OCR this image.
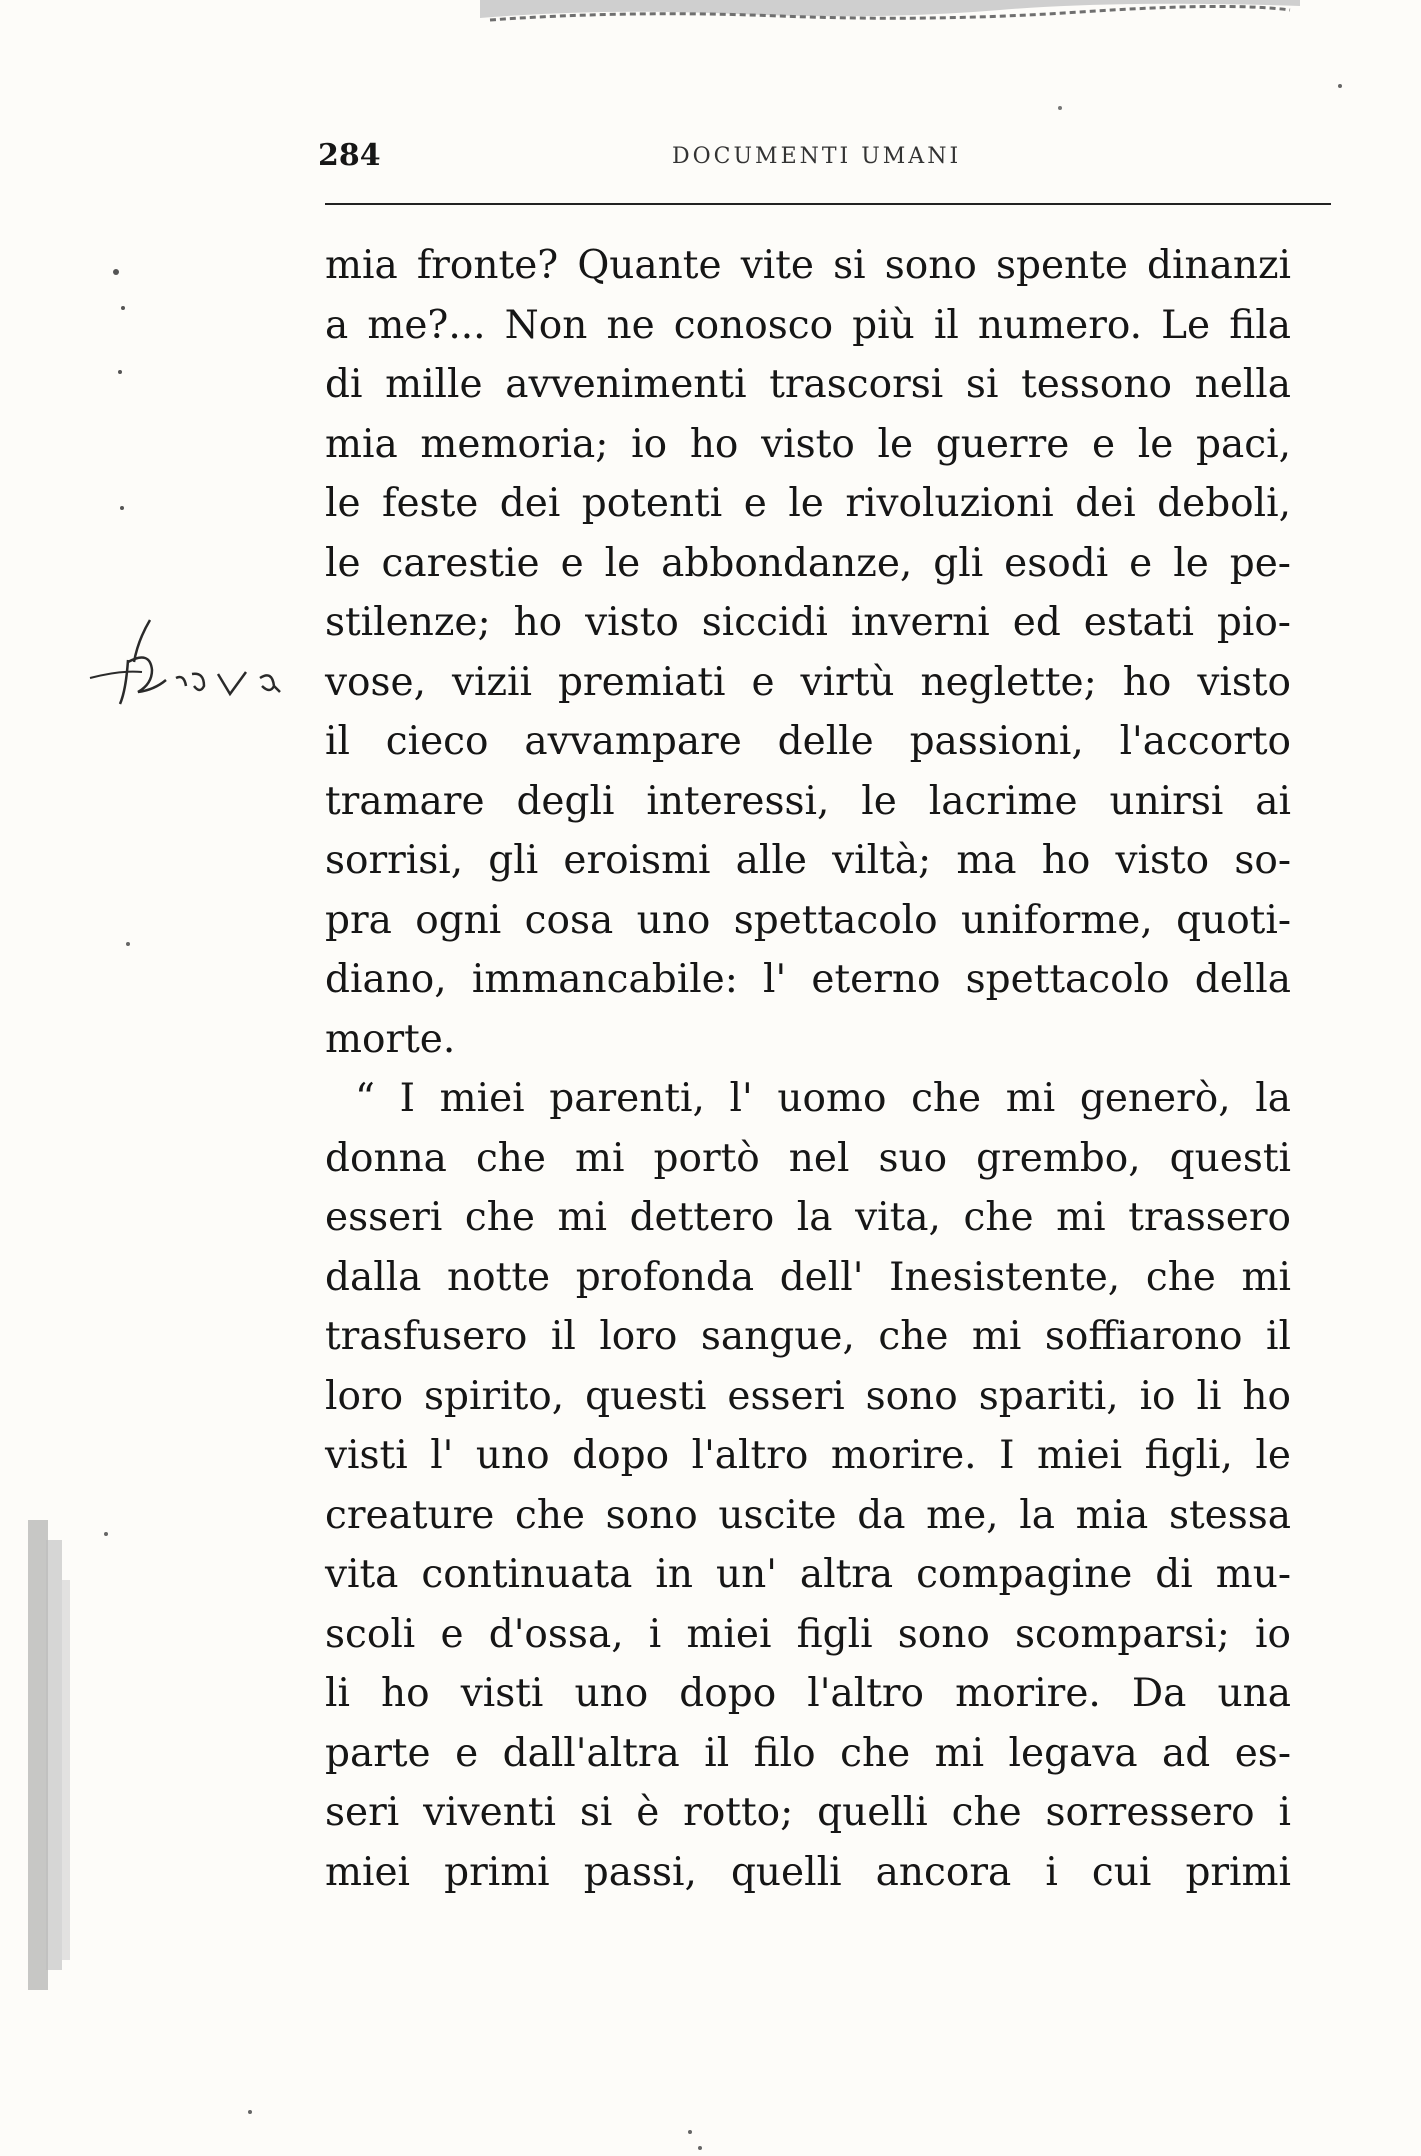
284	DOCUMENTI UMANI
mia fronte? Quante vite si sono spente dinanzi
a me?... Non ne conosco più il numero. Le fila
di mille avvenimenti trascorsi si tessono nella
mia memoria; io ho visto le guerre e le paci,
le feste dei potenti e le rivoluzioni dei deboli,
le carestie e le abbondanze, gli esodi e le pe-
stilenze; ho visto siccidi inverni ed estati pio-
vose, vizii premiati e virtù neglette; ho visto
il cieco avvampare delle passioni, l'accorto
tramare degli interessi, le lacrime unirsi ai
sorrisi, gli eroismi alle viltà; ma ho visto so-
pra ogni cosa uno spettacolo uniforme, quoti-
diano, immancabile: l' eterno spettacolo della
morte.
“ I miei parenti, l' uomo che mi generò, la
donna che mi portò nel suo grembo, questi
esseri che mi dettero la vita, che mi trassero
dalla notte profonda dell' Inesistente, che mi
trasfusero il loro sangue, che mi soffiarono il
loro spirito, questi esseri sono spariti, io li ho
visti l' uno dopo l'altro morire. I miei figli, le
creature che sono uscite da me, la mia stessa
vita continuata in un' altra compagine di mu-
scoli e d'ossa, i miei figli sono scomparsi; io
li ho visti uno dopo l'altro morire. Da una
parte e dall'altra il filo che mi legava ad es-
seri viventi si è rotto; quelli che sorressero i
miei primi passi, quelli ancora i cui primi
